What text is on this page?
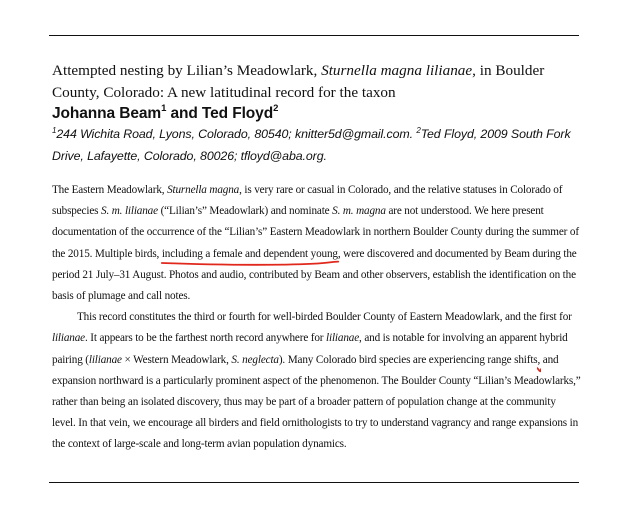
Attempted nesting by Lilian’s Meadowlark, Sturnella magna lilianae, in Boulder County, Colorado: A new latitudinal record for the taxon
Johanna Beam$^1$ and Ted Floyd$^2$
$^1$244 Wichita Road, Lyons, Colorado, 80540; knitter5d@gmail.com. $^2$Ted Floyd, 2009 South Fork Drive, Lafayette, Colorado, 80026; tfloyd@aba.org.

The Eastern Meadowlark, Sturnella magna, is very rare or casual in Colorado, and the relative statuses in Colorado of subspecies S. m. lilianae (“Lilian’s” Meadowlark) and nominate S. m. magna are not understood. We here present documentation of the occurrence of the “Lilian’s” Eastern Meadowlark in northern Boulder County during the summer of the 2015. Multiple birds, including a female and dependent young
, were discovered and documented by Beam during the period 21 July–31 August. Photos and audio, contributed by Beam and other observers, establish the identification on the basis of plumage and call notes.

This record constitutes the third or fourth for well-birded Boulder County of Eastern Meadowlark, and the first for lilianae. It appears to be the farthest north record anywhere for lilianae, and is notable for involving an apparent hybrid pairing (lilianae × Western Meadowlark, S. neglecta
). Many Colorado bird species are experiencing range shifts, and expansion northward is a particularly prominent aspect of the phenomenon. The Boulder County “Lilian’s Meadowlarks,” rather than being an isolated discovery, thus may be part of a broader pattern of population change at the community level. In that vein, we encourage all birders and field ornithologists to try to understand vagrancy and range expansions in the context of large-scale and long-term avian population dynamics.
